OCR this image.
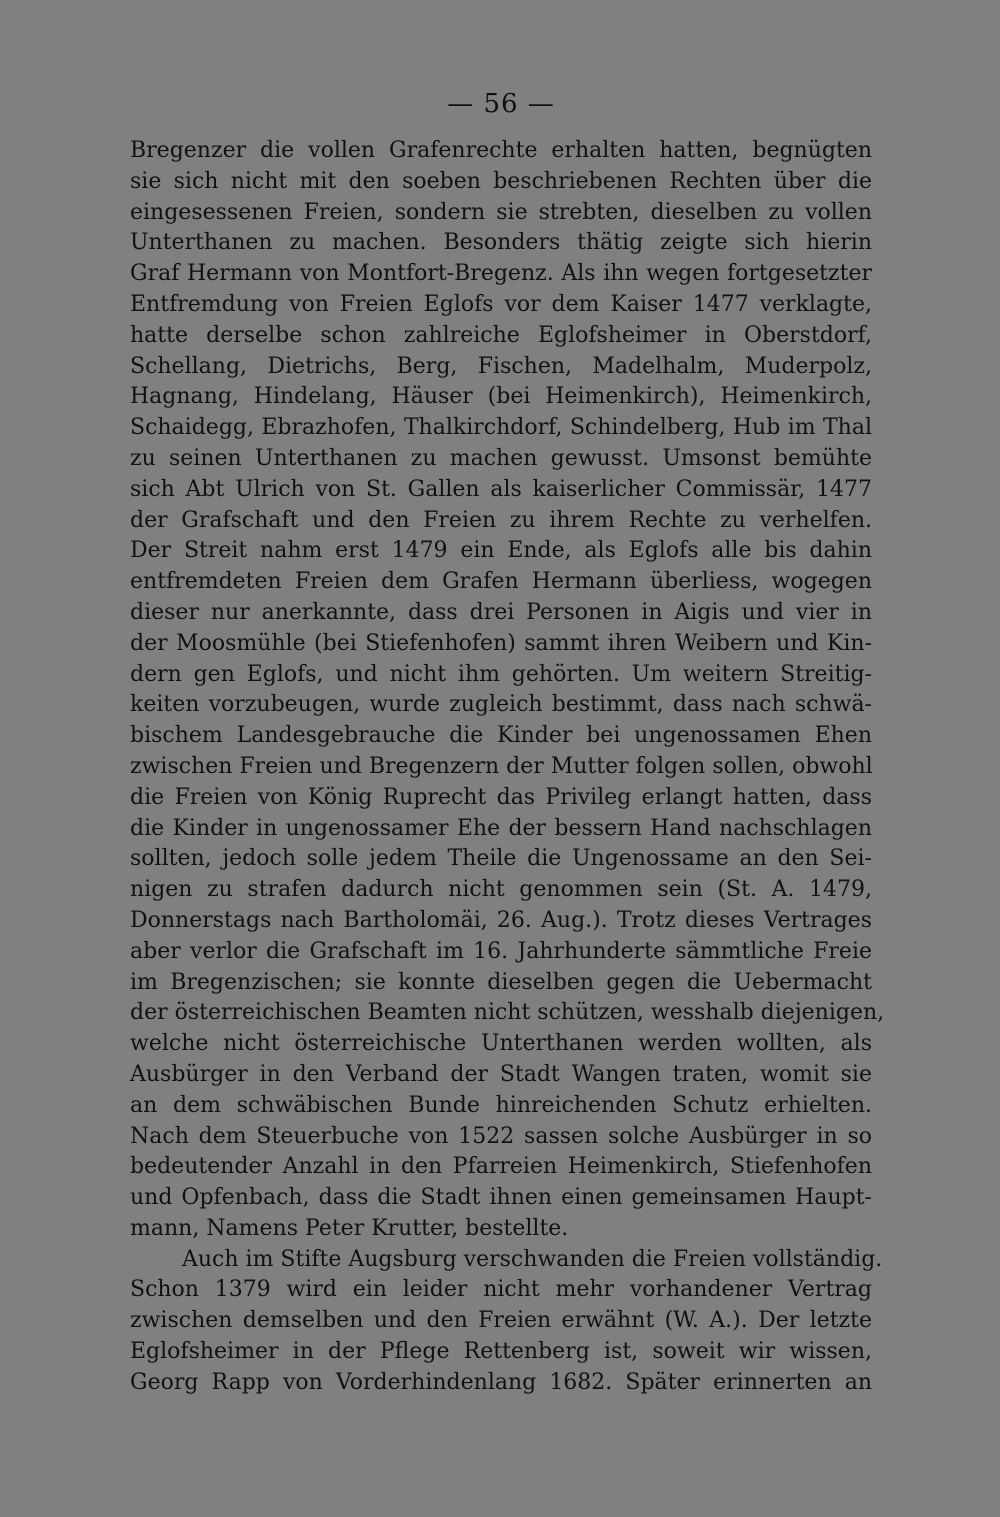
— 56 —
Bregenzer die vollen Grafenrechte erhalten hatten, begnügten
sie sich nicht mit den soeben beschriebenen Rechten über die
eingesessenen Freien, sondern sie strebten, dieselben zu vollen
Unterthanen zu machen. Besonders thätig zeigte sich hierin
Graf Hermann von Montfort-Bregenz. Als ihn wegen fortgesetzter
Entfremdung von Freien Eglofs vor dem Kaiser 1477 verklagte,
hatte derselbe schon zahlreiche Eglofsheimer in Oberstdorf,
Schellang, Dietrichs, Berg, Fischen, Madelhalm, Muderpolz,
Hagnang, Hindelang, Häuser (bei Heimenkirch), Heimenkirch,
Schaidegg, Ebrazhofen, Thalkirchdorf, Schindelberg, Hub im Thal
zu seinen Unterthanen zu machen gewusst. Umsonst bemühte
sich Abt Ulrich von St. Gallen als kaiserlicher Commissär, 1477
der Grafschaft und den Freien zu ihrem Rechte zu verhelfen.
Der Streit nahm erst 1479 ein Ende, als Eglofs alle bis dahin
entfremdeten Freien dem Grafen Hermann überliess, wogegen
dieser nur anerkannte, dass drei Personen in Aigis und vier in
der Moosmühle (bei Stiefenhofen) sammt ihren Weibern und Kin-
dern gen Eglofs, und nicht ihm gehörten. Um weitern Streitig-
keiten vorzubeugen, wurde zugleich bestimmt, dass nach schwä-
bischem Landesgebrauche die Kinder bei ungenossamen Ehen
zwischen Freien und Bregenzern der Mutter folgen sollen, obwohl
die Freien von König Ruprecht das Privileg erlangt hatten, dass
die Kinder in ungenossamer Ehe der bessern Hand nachschlagen
sollten, jedoch solle jedem Theile die Ungenossame an den Sei-
nigen zu strafen dadurch nicht genommen sein (St. A. 1479,
Donnerstags nach Bartholomäi, 26. Aug.). Trotz dieses Vertrages
aber verlor die Grafschaft im 16. Jahrhunderte sämmtliche Freie
im Bregenzischen; sie konnte dieselben gegen die Uebermacht
der österreichischen Beamten nicht schützen, wesshalb diejenigen,
welche nicht österreichische Unterthanen werden wollten, als
Ausbürger in den Verband der Stadt Wangen traten, womit sie
an dem schwäbischen Bunde hinreichenden Schutz erhielten.
Nach dem Steuerbuche von 1522 sassen solche Ausbürger in so
bedeutender Anzahl in den Pfarreien Heimenkirch, Stiefenhofen
und Opfenbach, dass die Stadt ihnen einen gemeinsamen Haupt-
mann, Namens Peter Krutter, bestellte.
Auch im Stifte Augsburg verschwanden die Freien vollständig.
Schon 1379 wird ein leider nicht mehr vorhandener Vertrag
zwischen demselben und den Freien erwähnt (W. A.). Der letzte
Eglofsheimer in der Pflege Rettenberg ist, soweit wir wissen,
Georg Rapp von Vorderhindenlang 1682. Später erinnerten an
